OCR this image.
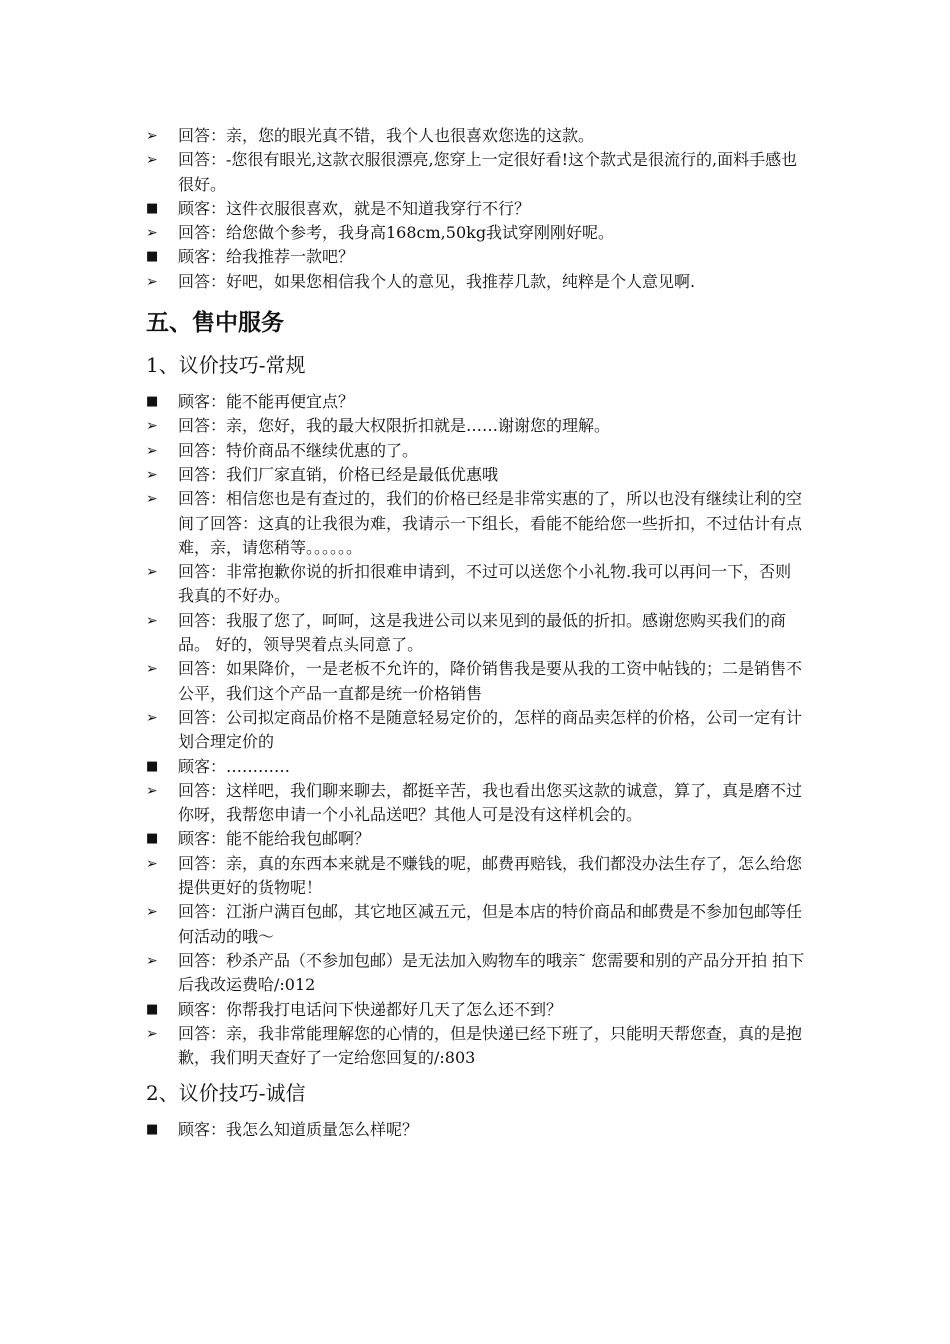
➢	回答：亲，您的眼光真不错，我个人也很喜欢您选的这款。
➢	回答：-您很有眼光,这款衣服很漂亮,您穿上一定很好看!这个款式是很流行的,面料手感也很好。
■	顾客：这件衣服很喜欢，就是不知道我穿行不行？
➢	回答：给您做个参考，我身高168cm,50kg我试穿刚刚好呢。
■	顾客：给我推荐一款吧？
➢	回答：好吧，如果您相信我个人的意见，我推荐几款，纯粹是个人意见啊.
五、售中服务
1、议价技巧-常规
■	顾客：能不能再便宜点？
➢	回答：亲，您好，我的最大权限折扣就是……谢谢您的理解。
➢	回答：特价商品不继续优惠的了。
➢	回答：我们厂家直销，价格已经是最低优惠哦
➢	回答：相信您也是有查过的，我们的价格已经是非常实惠的了，所以也没有继续让利的空间了回答：这真的让我很为难，我请示一下组长，看能不能给您一些折扣，不过估计有点难，亲，请您稍等。。。。。。
➢	回答：非常抱歉你说的折扣很难申请到，不过可以送您个小礼物.我可以再问一下，否则我真的不好办。
➢	回答：我服了您了，呵呵，这是我进公司以来见到的最低的折扣。感谢您购买我们的商品。 好的，领导哭着点头同意了。
➢	回答：如果降价，一是老板不允许的，降价销售我是要从我的工资中帖钱的；二是销售不公平，我们这个产品一直都是统一价格销售
➢	回答：公司拟定商品价格不是随意轻易定价的，怎样的商品卖怎样的价格，公司一定有计划合理定价的
■	顾客：…………
➢	回答：这样吧，我们聊来聊去，都挺辛苦，我也看出您买这款的诚意，算了，真是磨不过你呀，我帮您申请一个小礼品送吧？其他人可是没有这样机会的。
■	顾客：能不能给我包邮啊？
➢	回答：亲，真的东西本来就是不赚钱的呢，邮费再赔钱，我们都没办法生存了，怎么给您提供更好的货物呢！
➢	回答：江浙户满百包邮，其它地区减五元，但是本店的特价商品和邮费是不参加包邮等任何活动的哦～
➢	回答：秒杀产品（不参加包邮）是无法加入购物车的哦亲˜ 您需要和别的产品分开拍 拍下后我改运费哈/:012
■	顾客：你帮我打电话问下快递都好几天了怎么还不到？
➢	回答：亲，我非常能理解您的心情的，但是快递已经下班了，只能明天帮您查，真的是抱歉，我们明天查好了一定给您回复的/:803
2、议价技巧-诚信
■	顾客：我怎么知道质量怎么样呢？
